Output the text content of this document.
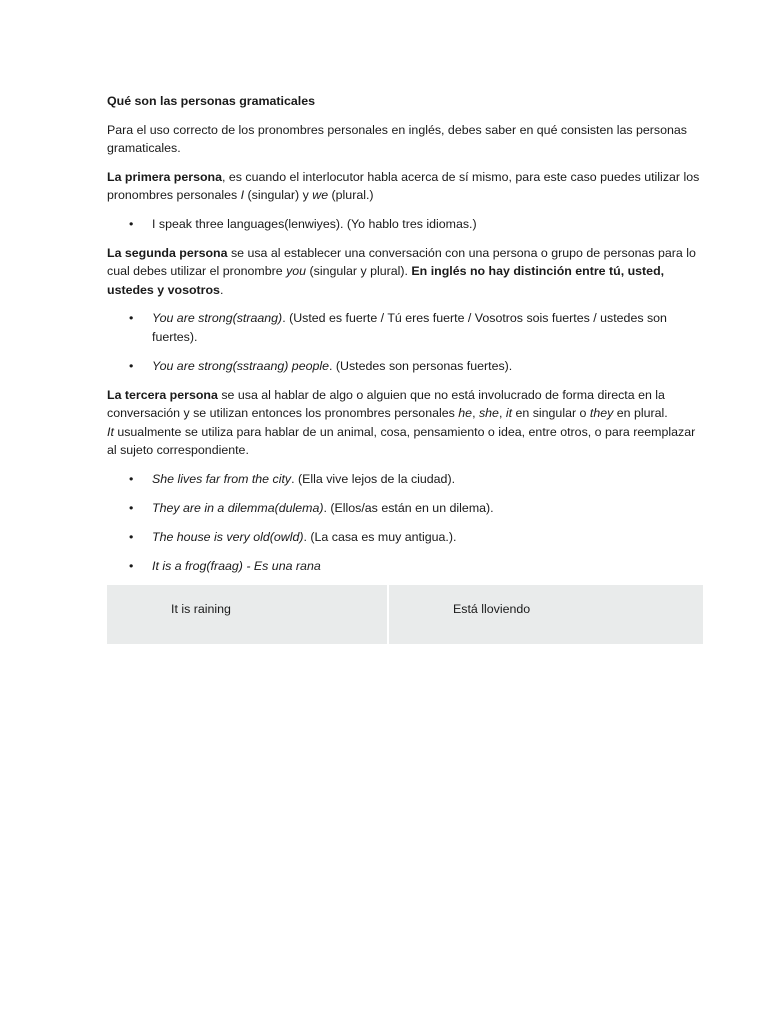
Qué son las personas gramaticales

Para el uso correcto de los pronombres personales en inglés, debes saber en qué consisten las personas gramaticales.

La primera persona, es cuando el interlocutor habla acerca de sí mismo, para este caso puedes utilizar los pronombres personales I (singular) y we (plural.)

• I speak three languages(lenwiyes). (Yo hablo tres idiomas.)

La segunda persona se usa al establecer una conversación con una persona o grupo de personas para lo cual debes utilizar el pronombre you (singular y plural). En inglés no hay distinción entre tú, usted, ustedes y vosotros.

• You are strong(straang). (Usted es fuerte / Tú eres fuerte / Vosotros sois fuertes / ustedes son fuertes).
• You are strong(sstraang) people. (Ustedes son personas fuertes).

La tercera persona se usa al hablar de algo o alguien que no está involucrado de forma directa en la conversación y se utilizan entonces los pronombres personales he, she, it en singular o they en plural.

It usualmente se utiliza para hablar de un animal, cosa, pensamiento o idea, entre otros, o para reemplazar al sujeto correspondiente.

• She lives far from the city. (Ella vive lejos de la ciudad).
• They are in a dilemma(dulema). (Ellos/as están en un dilema).
• The house is very old(owld). (La casa es muy antigua.).
• It is a frog(fraag) - Es una rana
It is raining	Está lloviendo
